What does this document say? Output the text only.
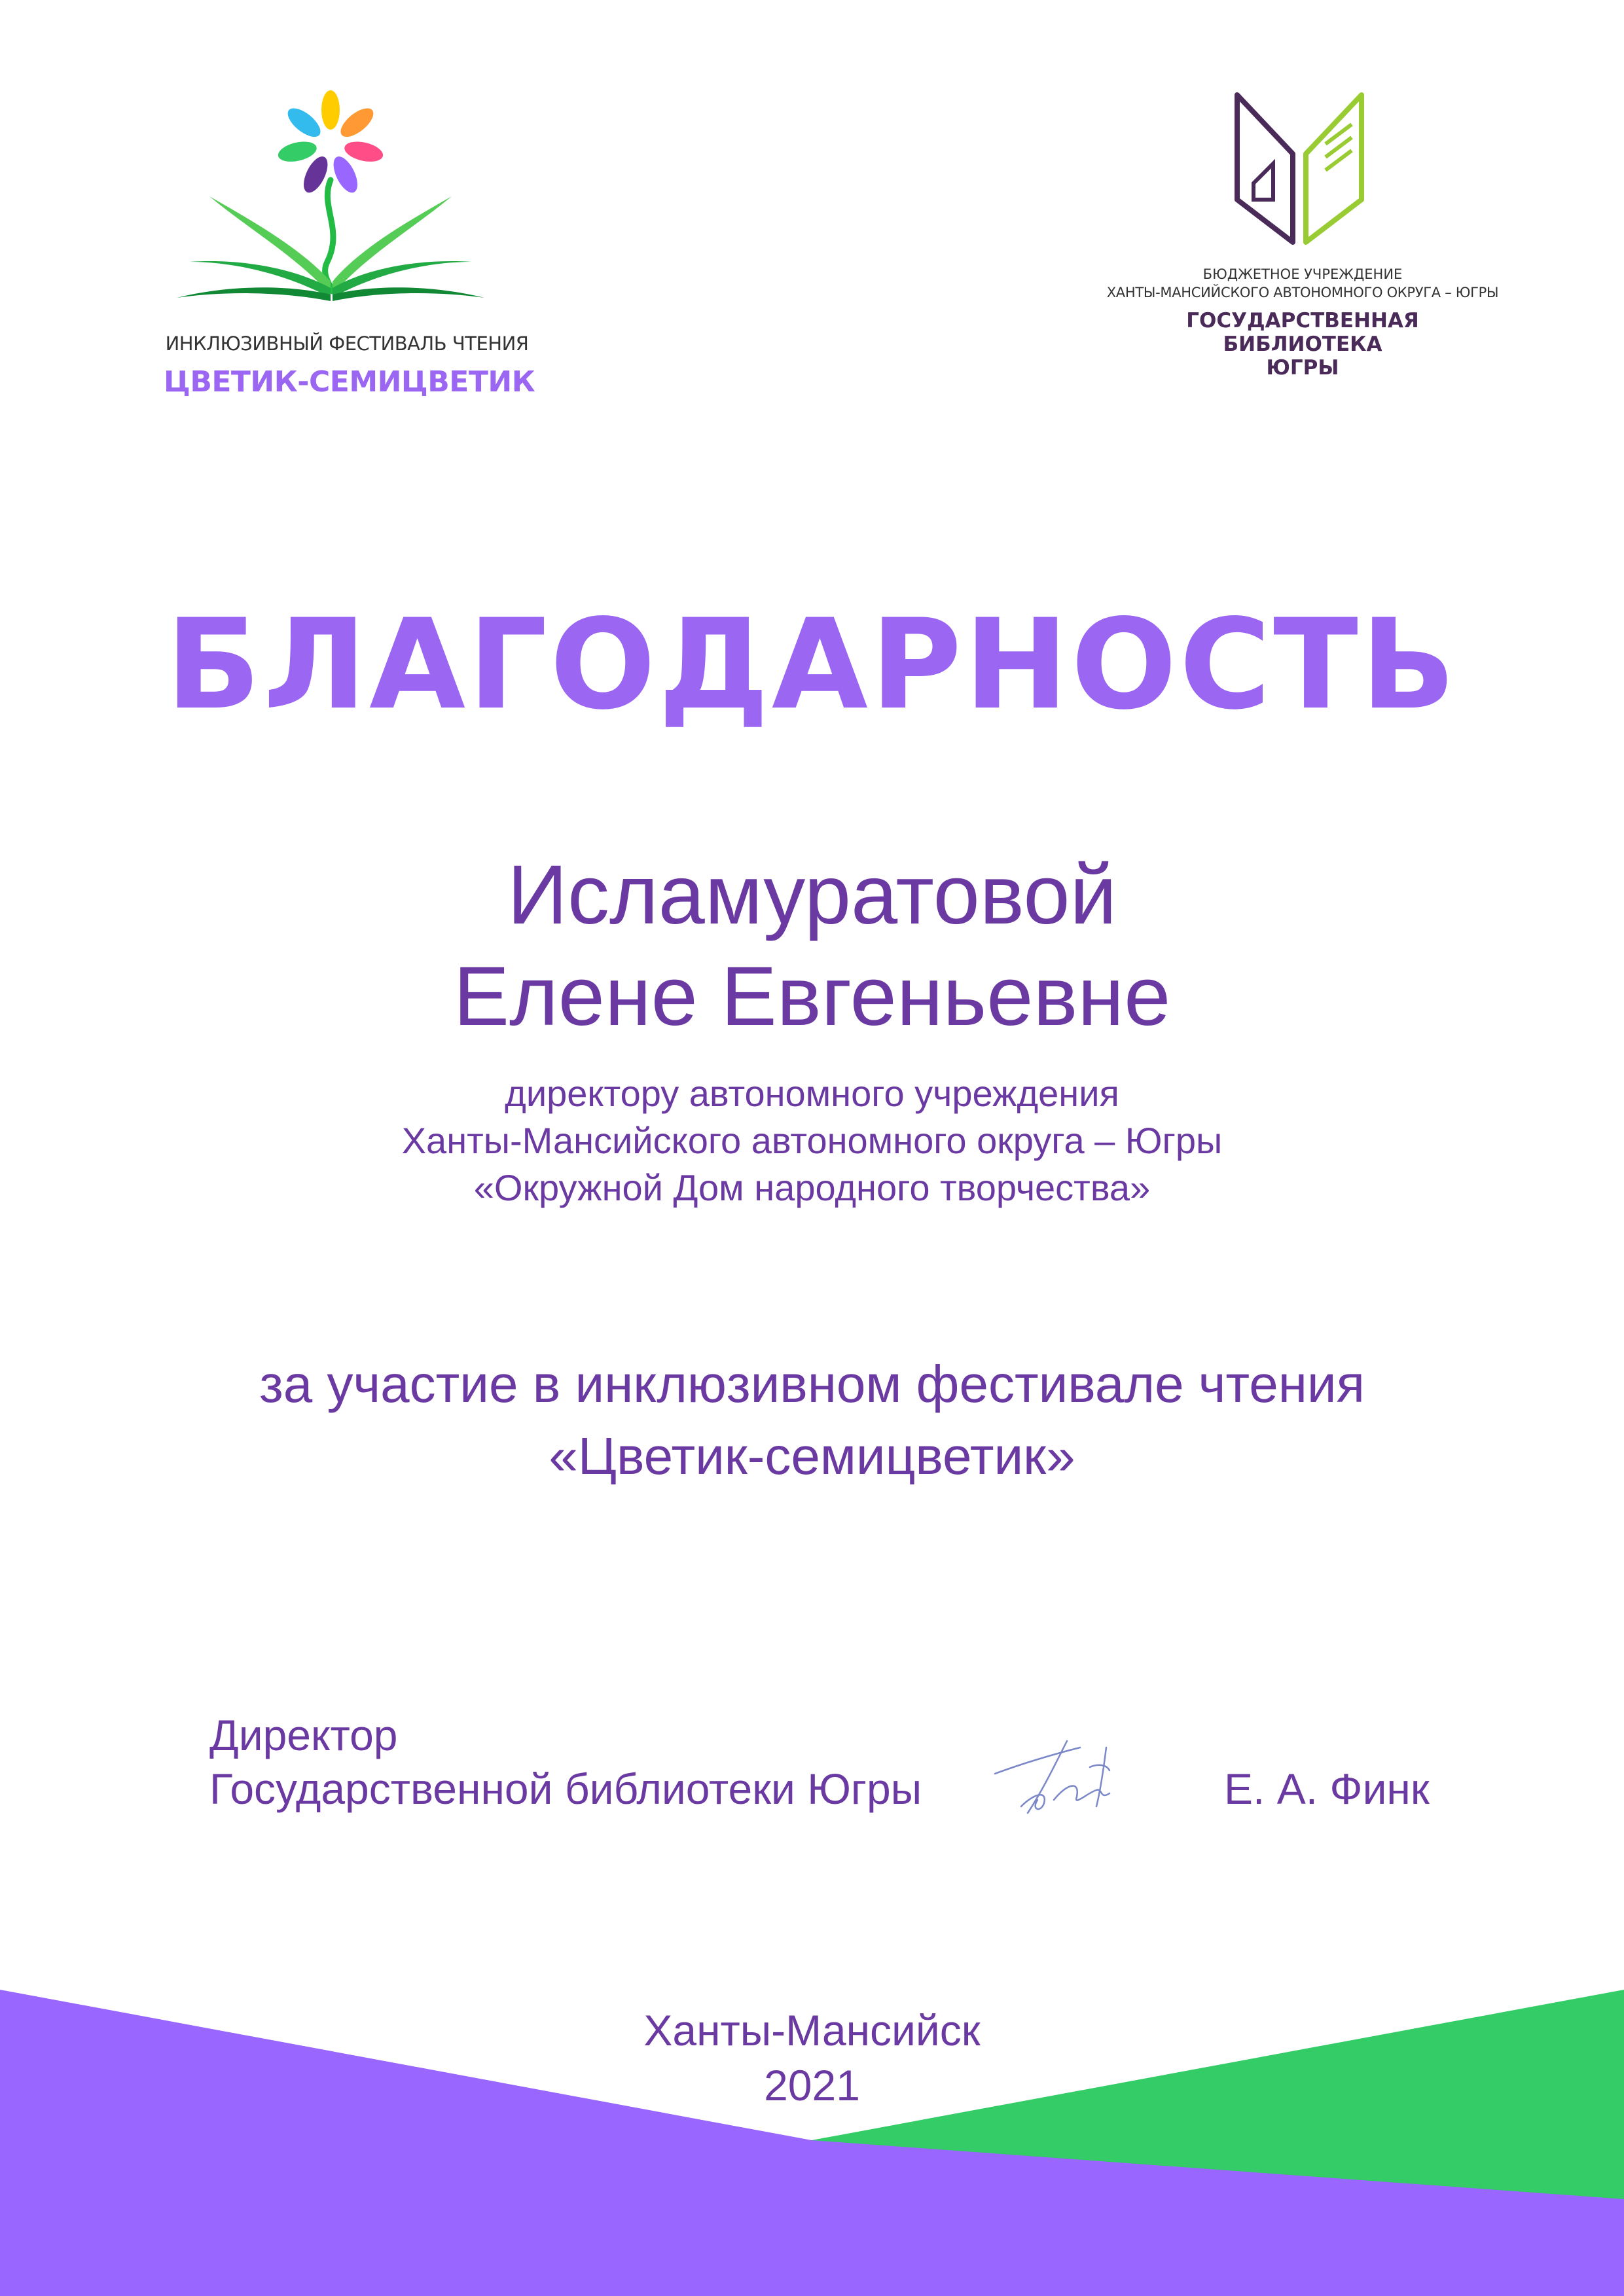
ИНКЛЮЗИВНЫЙ ФЕСТИВАЛЬ ЧТЕНИЯ
ЦВЕТИК-СЕМИЦВЕТИК
БЮДЖЕТНОЕ УЧРЕЖДЕНИЕ
ХАНТЫ-МАНСИЙСКОГО АВТОНОМНОГО ОКРУГА – ЮГРЫ
ГОСУДАРСТВЕННАЯ
БИБЛИОТЕКА
ЮГРЫ
БЛАГОДАРНОСТЬ
Исламуратовой
Елене Евгеньевне
директору автономного учреждения
Ханты-Мансийского автономного округа – Югры
«Окружной Дом народного творчества»
за участие в инклюзивном фестивале чтения
«Цветик-семицветик»
Директор
Государственной библиотеки Югры	Е. А. Финк
Ханты-Мансийск
2021
